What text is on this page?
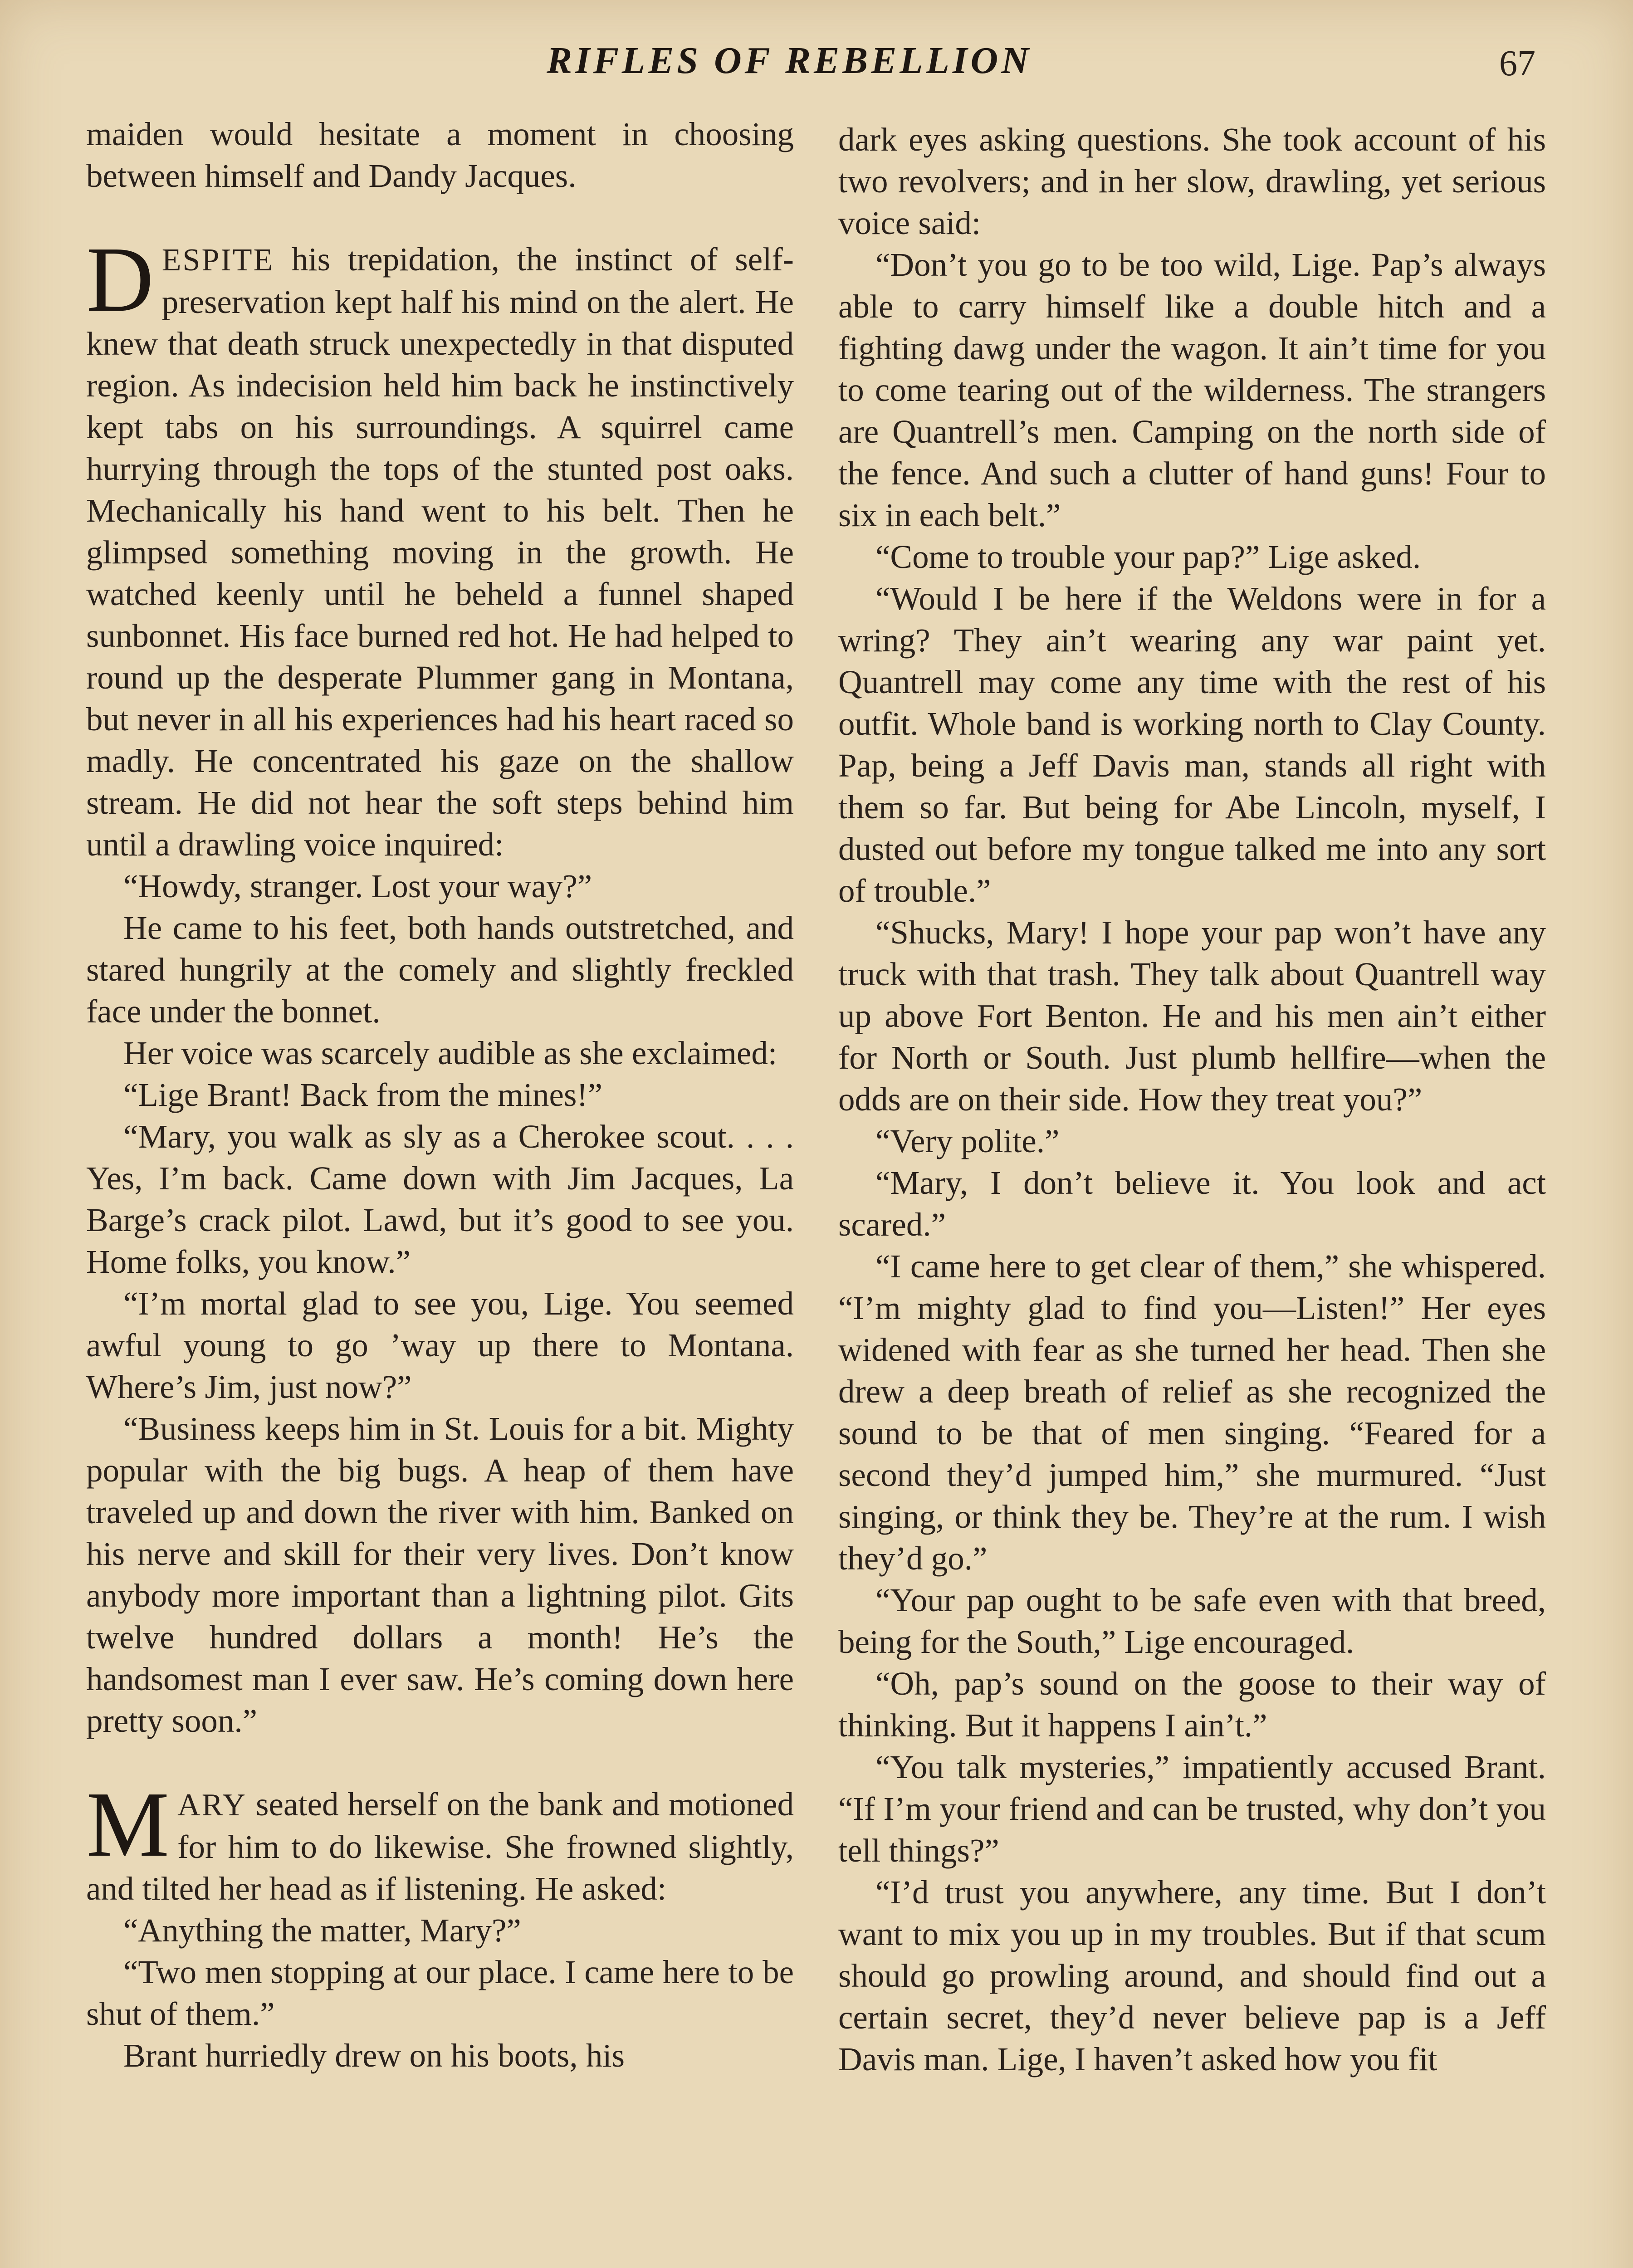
RIFLES OF REBELLION	67

maiden would hesitate a moment in choosing between himself and Dandy Jacques.

DESPITE his trepidation, the instinct of self-preservation kept half his mind on the alert. He knew that death struck unexpectedly in that disputed region. As indecision held him back he instinctively kept tabs on his surroundings. A squirrel came hurrying through the tops of the stunted post oaks. Mechanically his hand went to his belt. Then he glimpsed something moving in the growth. He watched keenly until he beheld a funnel shaped sunbonnet. His face burned red hot. He had helped to round up the desperate Plummer gang in Montana, but never in all his experiences had his heart raced so madly. He concentrated his gaze on the shallow stream. He did not hear the soft steps behind him until a drawling voice inquired:

“Howdy, stranger. Lost your way?”

He came to his feet, both hands outstretched, and stared hungrily at the comely and slightly freckled face under the bonnet.

Her voice was scarcely audible as she exclaimed:

“Lige Brant! Back from the mines!”

“Mary, you walk as sly as a Cherokee scout. . . . Yes, I’m back. Came down with Jim Jacques, La Barge’s crack pilot. Lawd, but it’s good to see you. Home folks, you know.”

“I’m mortal glad to see you, Lige. You seemed awful young to go ’way up there to Montana. Where’s Jim, just now?”

“Business keeps him in St. Louis for a bit. Mighty popular with the big bugs. A heap of them have traveled up and down the river with him. Banked on his nerve and skill for their very lives. Don’t know anybody more important than a lightning pilot. Gits twelve hundred dollars a month! He’s the handsomest man I ever saw. He’s coming down here pretty soon.”

MARY seated herself on the bank and motioned for him to do likewise. She frowned slightly, and tilted her head as if listening. He asked:

“Anything the matter, Mary?”

“Two men stopping at our place. I came here to be shut of them.”

Brant hurriedly drew on his boots, his

dark eyes asking questions. She took account of his two revolvers; and in her slow, drawling, yet serious voice said:

“Don’t you go to be too wild, Lige. Pap’s always able to carry himself like a double hitch and a fighting dawg under the wagon. It ain’t time for you to come tearing out of the wilderness. The strangers are Quantrell’s men. Camping on the north side of the fence. And such a clutter of hand guns! Four to six in each belt.”

“Come to trouble your pap?” Lige asked.

“Would I be here if the Weldons were in for a wring? They ain’t wearing any war paint yet. Quantrell may come any time with the rest of his outfit. Whole band is working north to Clay County. Pap, being a Jeff Davis man, stands all right with them so far. But being for Abe Lincoln, myself, I dusted out before my tongue talked me into any sort of trouble.”

“Shucks, Mary! I hope your pap won’t have any truck with that trash. They talk about Quantrell way up above Fort Benton. He and his men ain’t either for North or South. Just plumb hellfire—when the odds are on their side. How they treat you?”

“Very polite.”

“Mary, I don’t believe it. You look and act scared.”

“I came here to get clear of them,” she whispered. “I’m mighty glad to find you—Listen!” Her eyes widened with fear as she turned her head. Then she drew a deep breath of relief as she recognized the sound to be that of men singing. “Feared for a second they’d jumped him,” she murmured. “Just singing, or think they be. They’re at the rum. I wish they’d go.”

“Your pap ought to be safe even with that breed, being for the South,” Lige encouraged.

“Oh, pap’s sound on the goose to their way of thinking. But it happens I ain’t.”

“You talk mysteries,” impatiently accused Brant. “If I’m your friend and can be trusted, why don’t you tell things?”

“I’d trust you anywhere, any time. But I don’t want to mix you up in my troubles. But if that scum should go prowling around, and should find out a certain secret, they’d never believe pap is a Jeff Davis man. Lige, I haven’t asked how you fit
